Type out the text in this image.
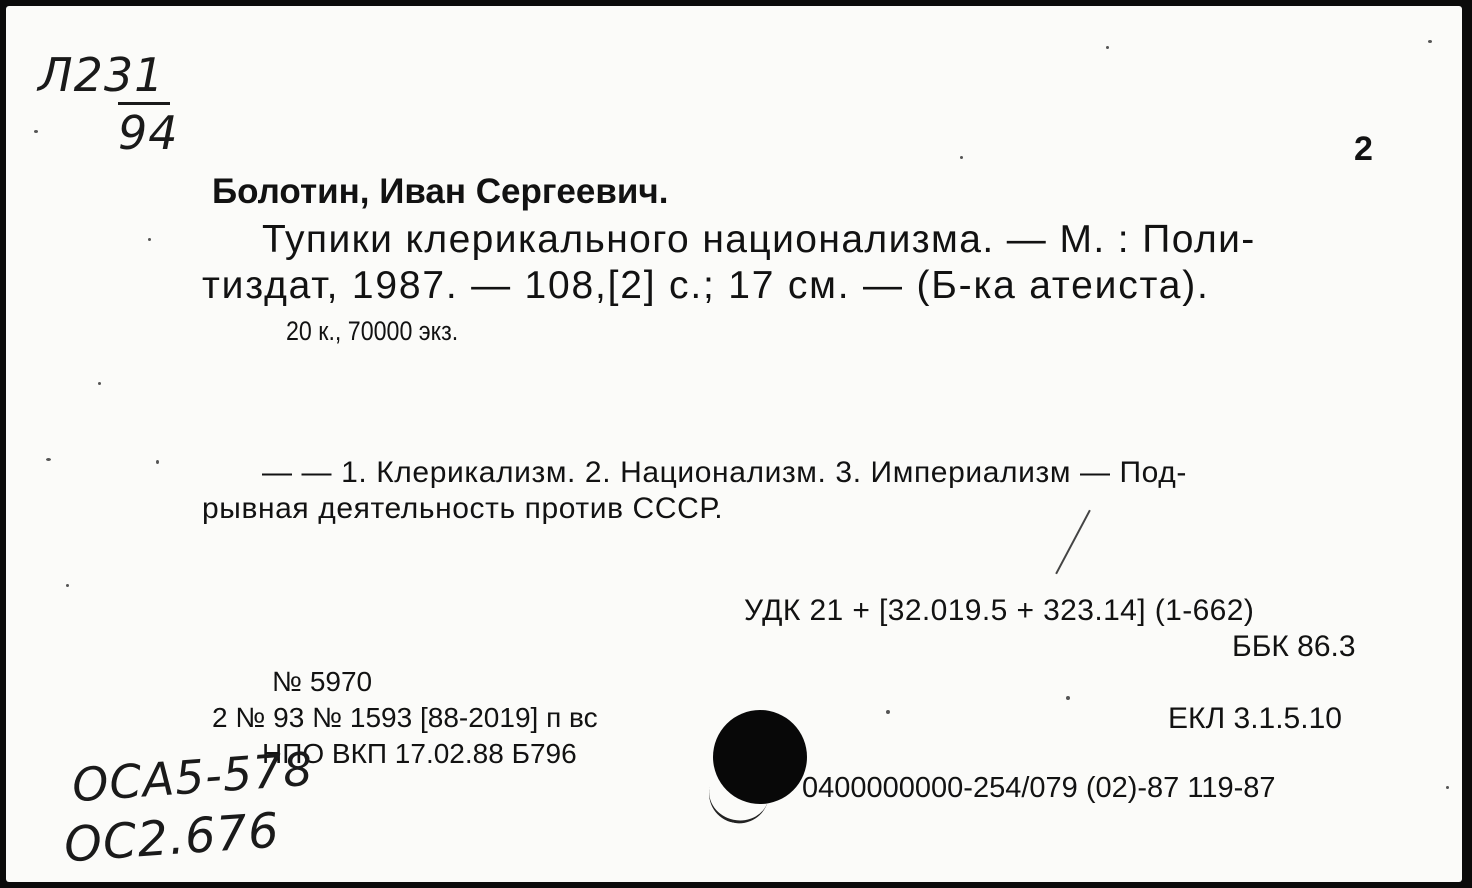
Л231
94	2
Болотин, Иван Сергеевич.
Тупики клерикального национализма. — М. : Поли-
тиздат, 1987. — 108,[2] с.; 17 см. — (Б-ка атеиста).
20 к., 70000 экз.
— — 1. Клерикализм. 2. Национализм. 3. Империализм — Под-
рывная деятельность против СССР.
УДК 21 + [32.019.5 + 323.14] (1-662)
ББК 86.3
№ 5970
2 № 93 № 1593 [88-2019] п вс
НПО ВКП 17.02.88 Б796
ЕКЛ 3.1.5.10
0400000000-254/079 (02)-87 119-87
ОСА5-578
ОС2.676
